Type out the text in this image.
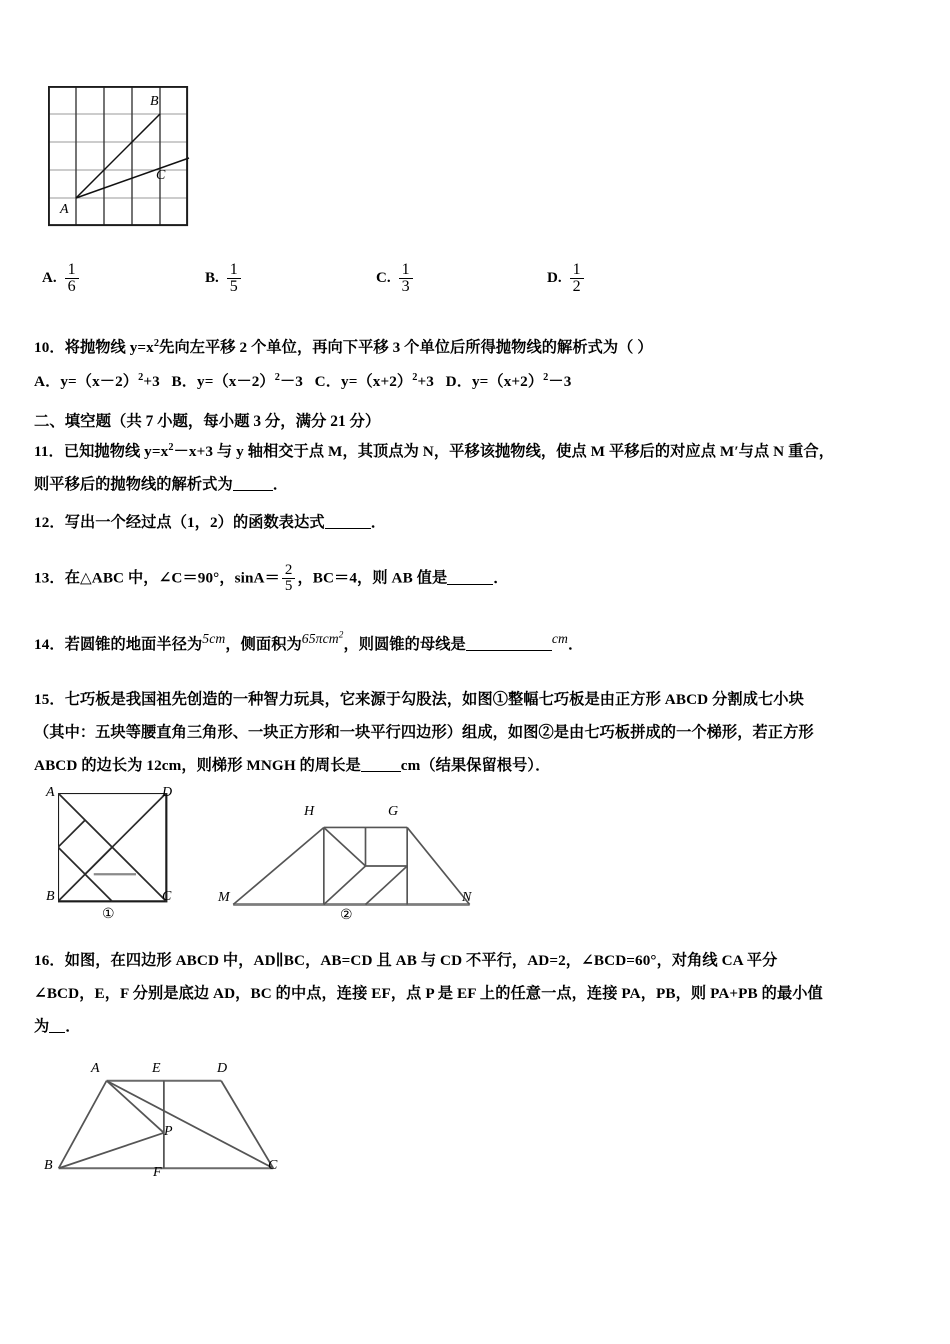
B
C
A
A. $\frac{1}{6}$	B. $\frac{1}{5}$	C. $\frac{1}{3}$	D. $\frac{1}{2}$
10．将抛物线 $y=x^2$先向左平移 2 个单位，再向下平移 3 个单位后所得抛物线的解析式为（ ）
A．$y=(x-2)^2+3$ B．$y=(x-2)^2-3$ C．$y=(x+2)^2+3$ D．$y=(x+2)^2-3$
二、填空题（共 7 小题，每小题 3 分，满分 21 分）
11．已知抛物线 $y=x^2-x+3$ 与 y 轴相交于点 M，其顶点为 N，平移该抛物线，使点 M 平移后的对应点 M′与点 N 重合，
则平移后的抛物线的解析式为	．
12．写出一个经过点（1，2）的函数表达式	．
13．在△ABC 中，∠C＝90°，$\sin A= \frac{2}{5}$ ，BC＝4，则 AB 值是	．
14．若圆锥的地面半径为$^{5cm}$，侧面积为$^{65\pi cm^2}$，则圆锥的母线是	$^{cm}$．
15．七巧板是我国祖先创造的一种智力玩具，它来源于勾股法，如图①整幅七巧板是由正方形 ABCD 分割成七小块
（其中：五块等腰直角三角形、一块正方形和一块平行四边形）组成，如图②是由七巧板拼成的一个梯形，若正方形
ABCD 的边长为 12cm，则梯形 MNGH 的周长是	cm（结果保留根号）．
A	D
B	C
①
H	G
M	N
②
16．如图，在四边形 ABCD 中，AD∥BC，AB=CD 且 AB 与 CD 不平行，AD=2，∠BCD=60°，对角线 CA 平分
∠BCD，E，F 分别是底边 AD，BC 的中点，连接 EF，点 P 是 EF 上的任意一点，连接 PA，PB，则 PA+PB 的最小值
为 ．
A	E	D
B	F	C
P
